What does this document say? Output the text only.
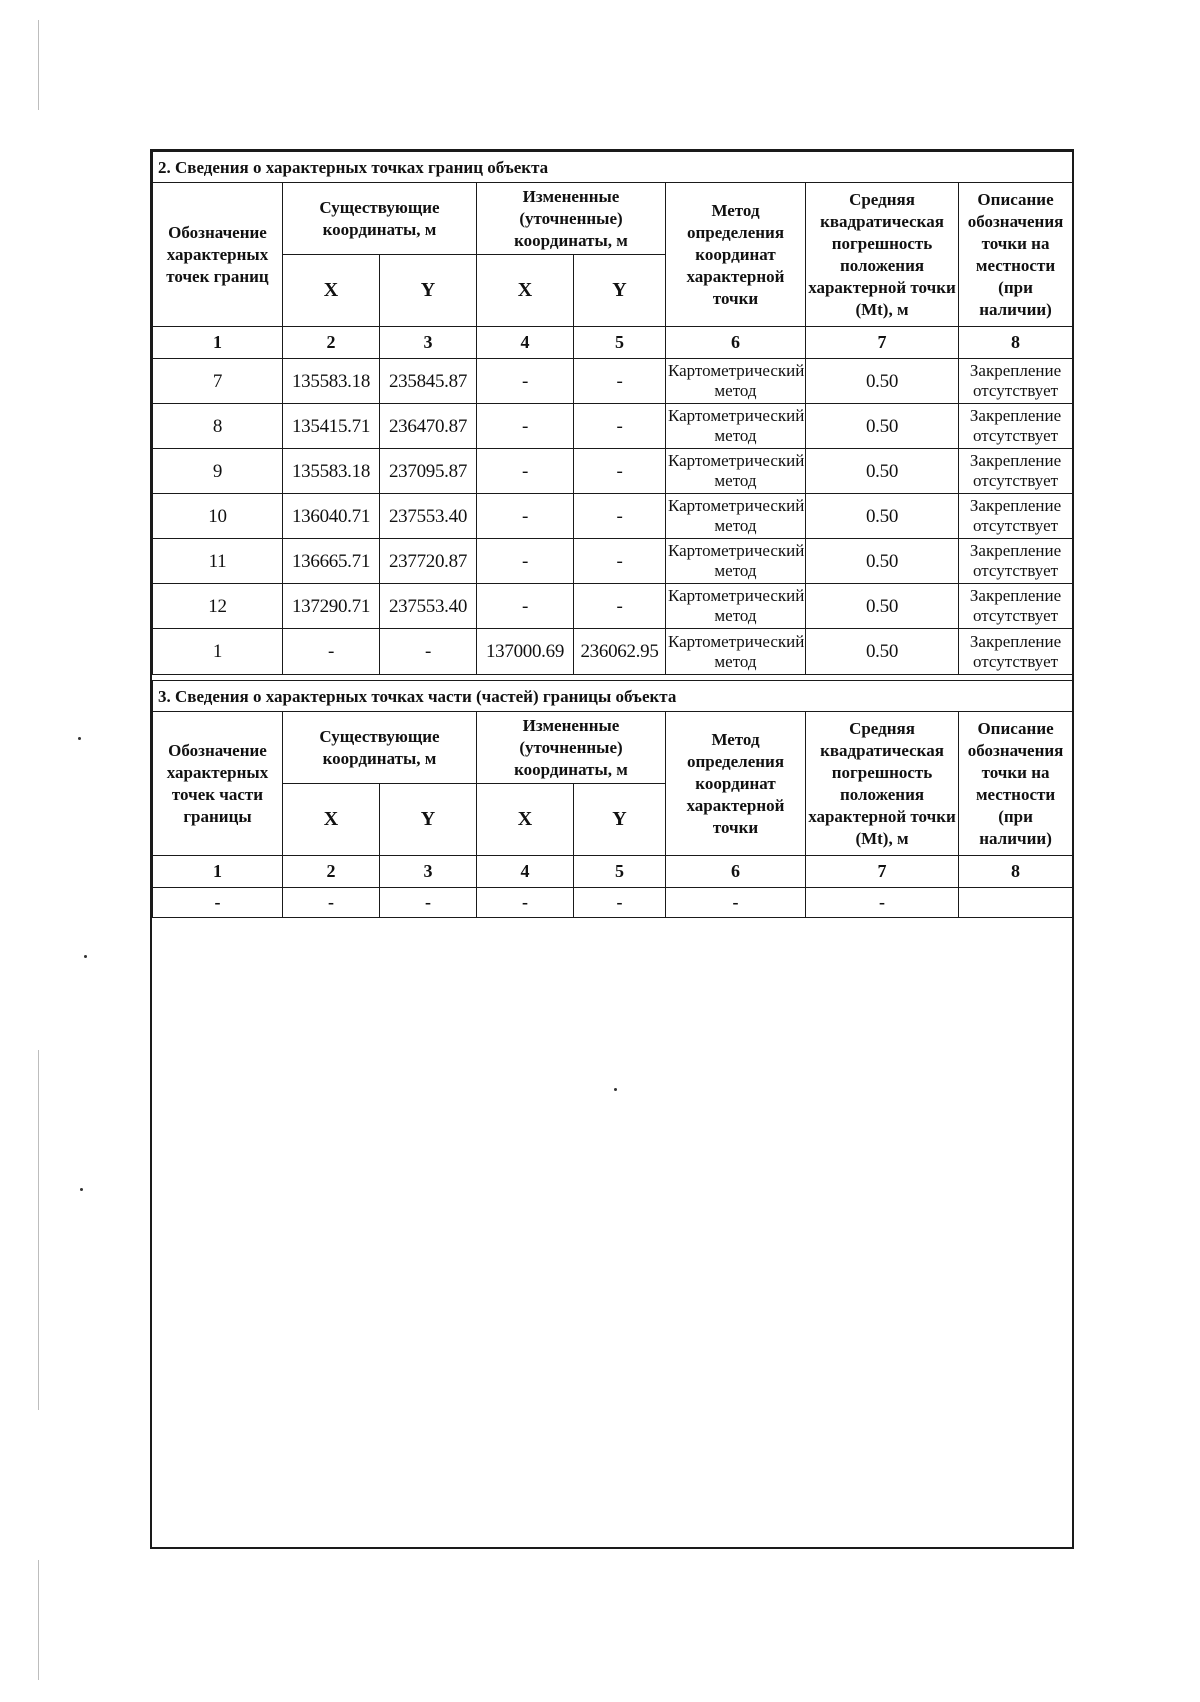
2. Сведения о характерных точках границ объекта							
Обозначение характерных точек границ	Существующие координаты, м		Измененные (уточненные) координаты, м		Метод определения координат характерной точки	Средняя квадратическая погрешность положения характерной точки (Mt), м	Описание обозначения точки на местности (при наличии)
	X	Y	X	Y			
1	2	3	4	5	6	7	8
7	135583.18	235845.87	-	-	Картометрический метод	0.50	Закрепление отсутствует
8	135415.71	236470.87	-	-	Картометрический метод	0.50	Закрепление отсутствует
9	135583.18	237095.87	-	-	Картометрический метод	0.50	Закрепление отсутствует
10	136040.71	237553.40	-	-	Картометрический метод	0.50	Закрепление отсутствует
11	136665.71	237720.87	-	-	Картометрический метод	0.50	Закрепление отсутствует
12	137290.71	237553.40	-	-	Картометрический метод	0.50	Закрепление отсутствует
1	-	-	137000.69	236062.95	Картометрический метод	0.50	Закрепление отсутствует
3. Сведения о характерных точках части (частей) границы объекта							
Обозначение характерных точек части границы	Существующие координаты, м		Измененные (уточненные) координаты, м		Метод определения координат характерной точки	Средняя квадратическая погрешность положения характерной точки (Mt), м	Описание обозначения точки на местности (при наличии)
	X	Y	X	Y			
1	2	3	4	5	6	7	8
-	-	-	-	-	-	-	
